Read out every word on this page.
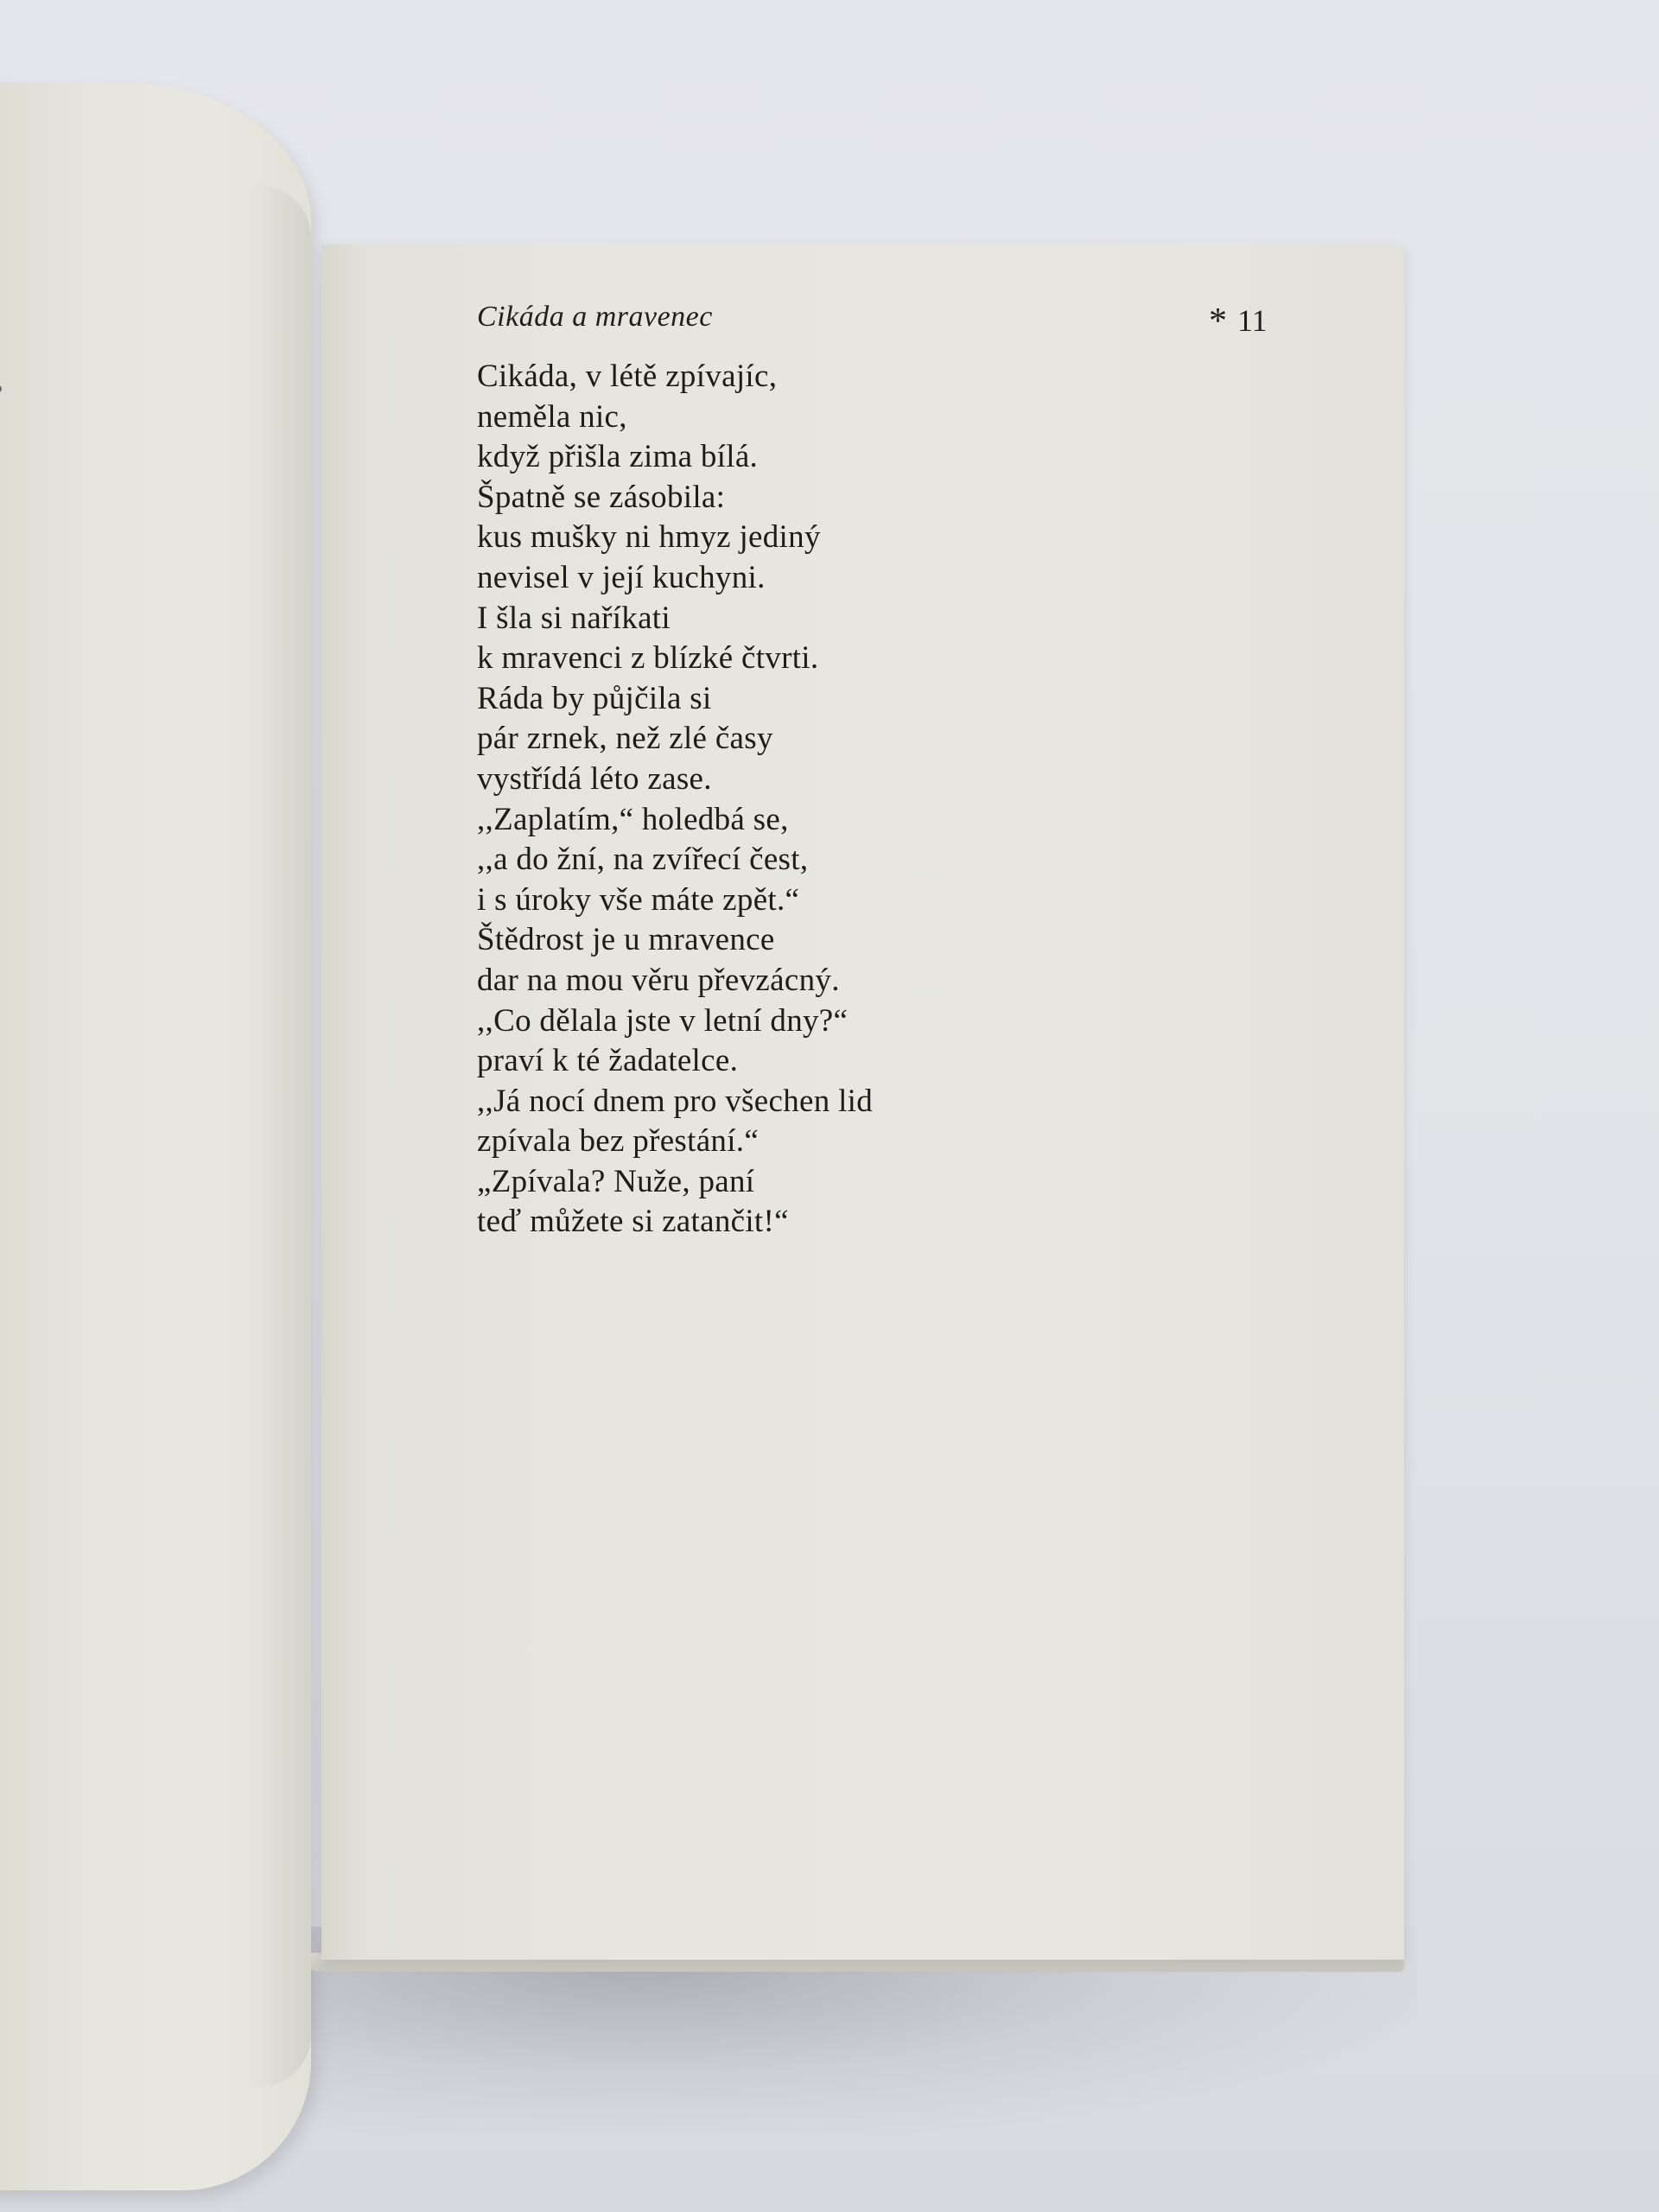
Cikáda a mravenec	* 11
Cikáda, v létě zpívajíc,
neměla nic,
když přišla zima bílá.
Špatně se zásobila:
kus mušky ni hmyz jediný
nevisel v její kuchyni.
I šla si naříkati
k mravenci z blízké čtvrti.
Ráda by půjčila si
pár zrnek, než zlé časy
vystřídá léto zase.
,,Zaplatím,“ holedbá se,
,,a do žní, na zvířecí čest,
i s úroky vše máte zpět.“
Štědrost je u mravence
dar na mou věru převzácný.
,,Co dělala jste v letní dny?“
praví k té žadatelce.
,,Já nocí dnem pro všechen lid
zpívala bez přestání.“
„Zpívala? Nuže, paní
teď můžete si zatančit!“
